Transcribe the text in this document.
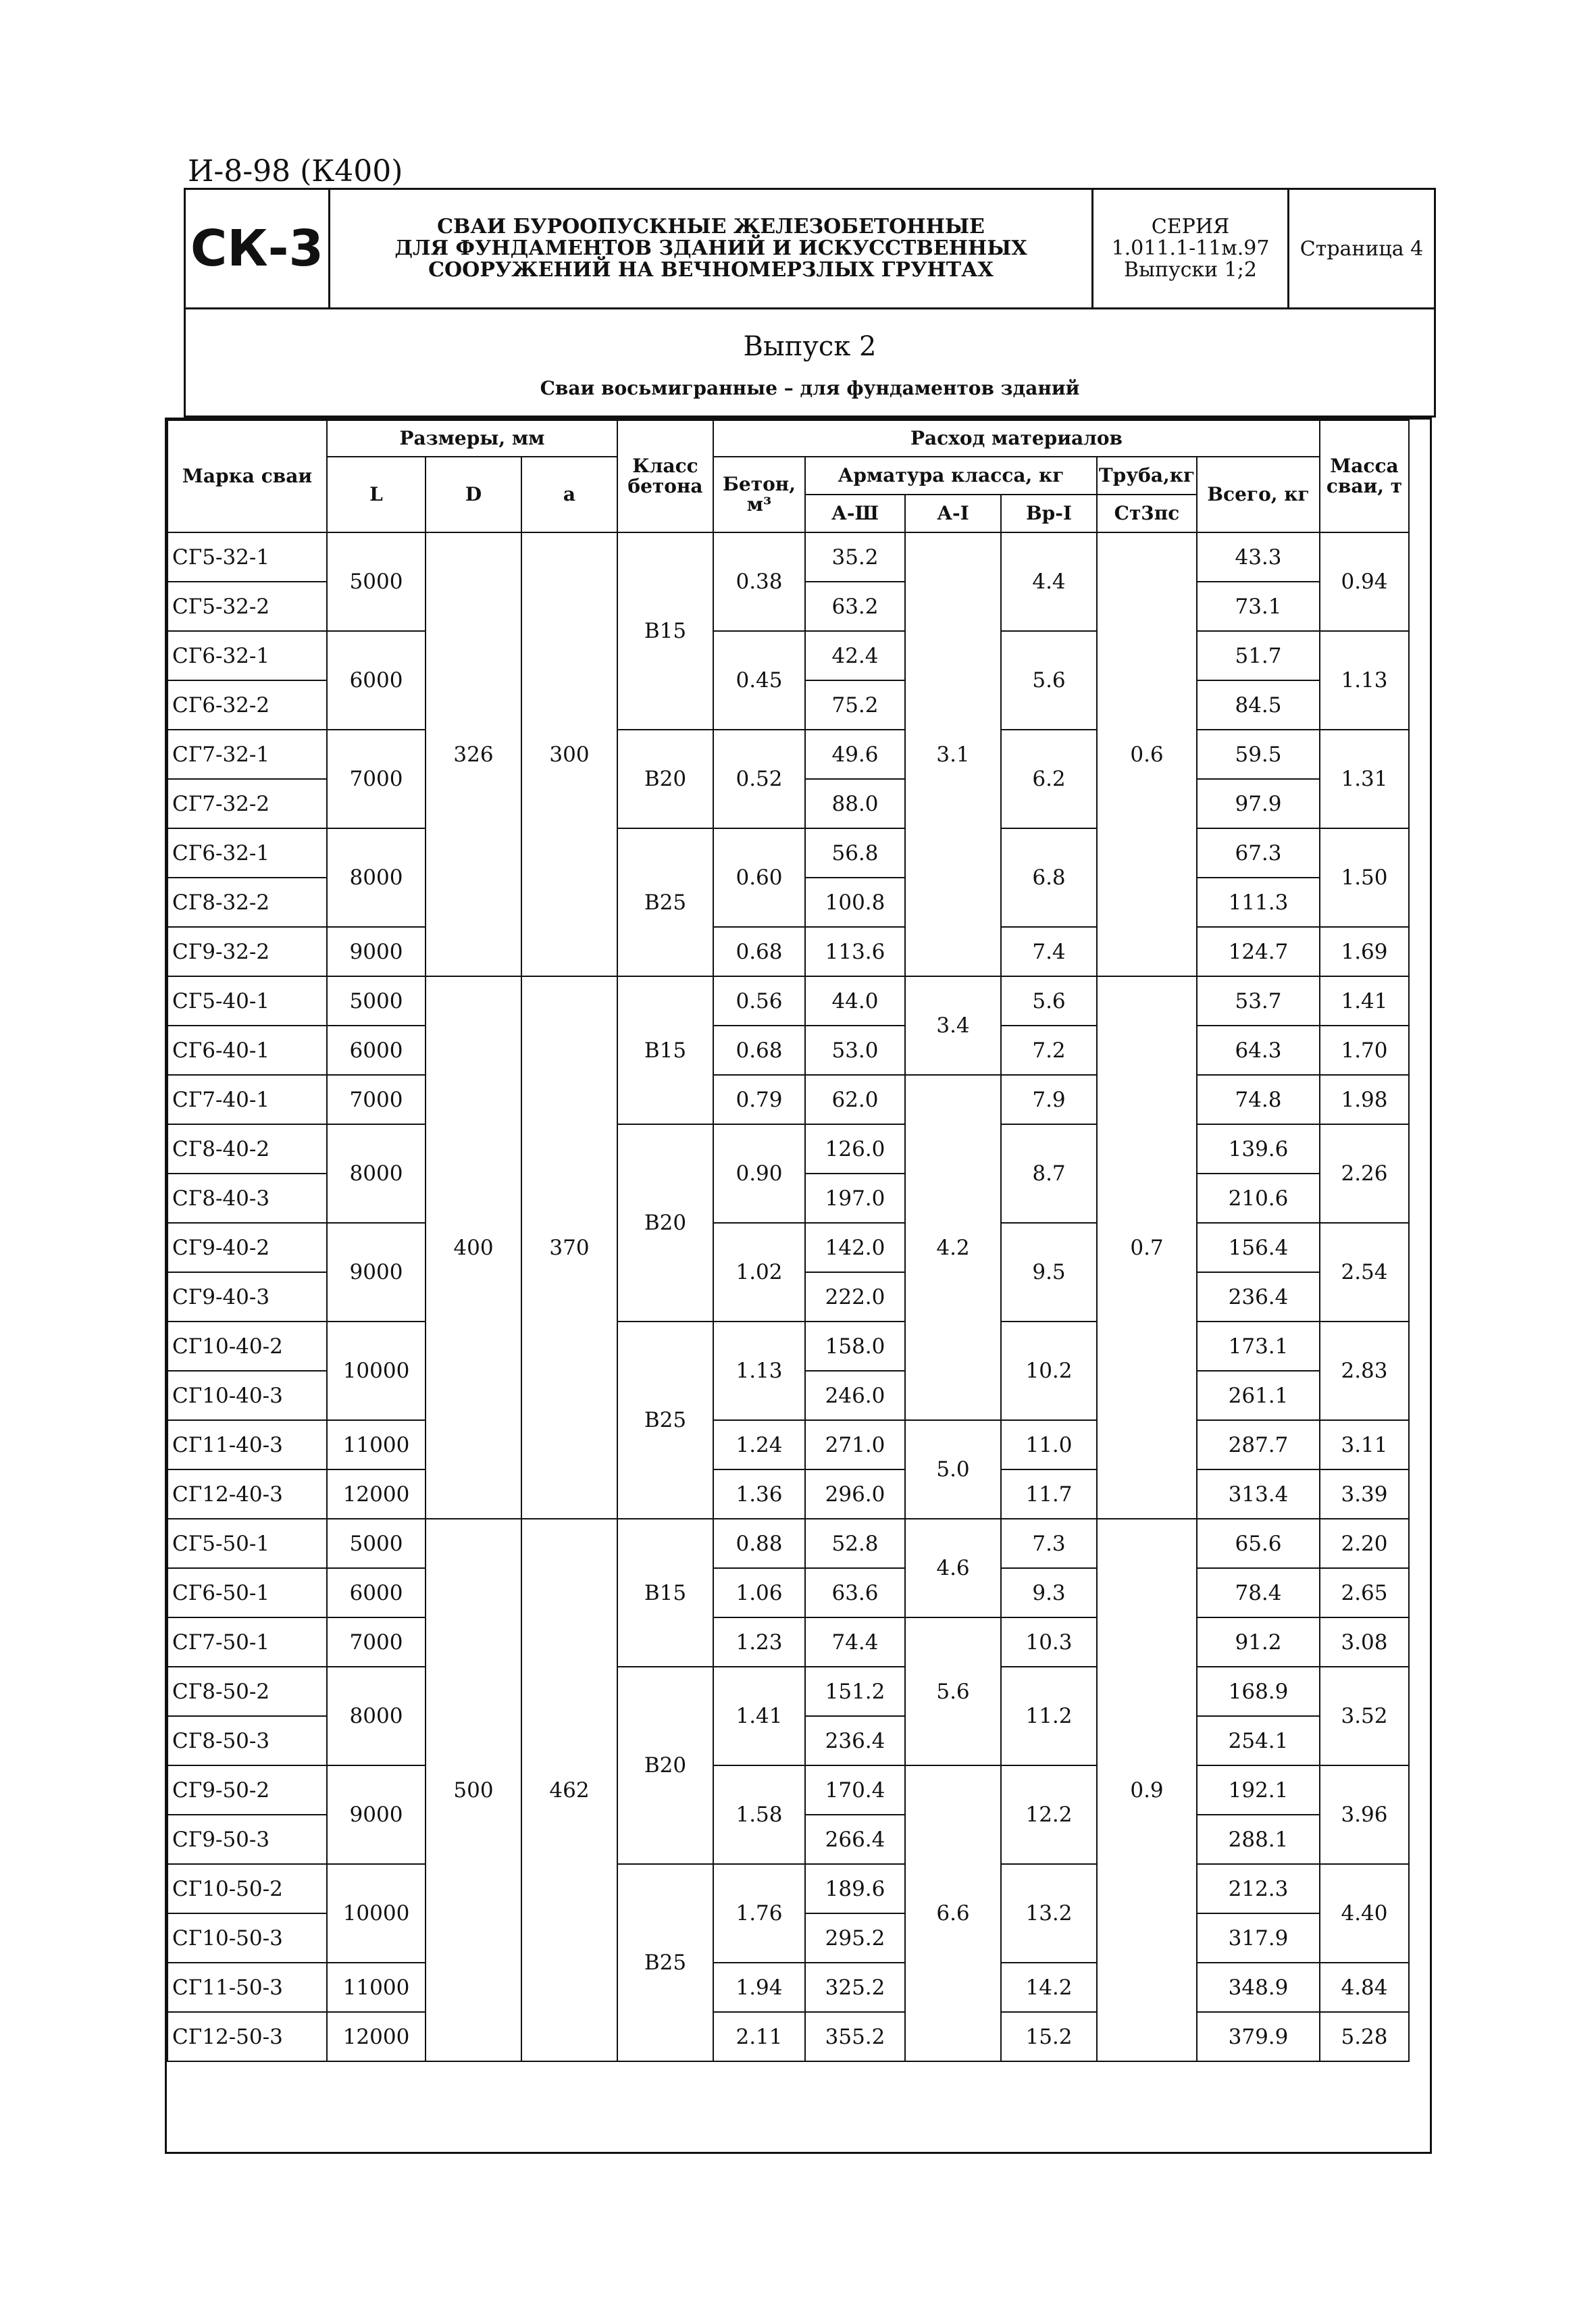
И-8-98 (К400)
СК-3	СВАИ БУРООПУСКНЫЕ ЖЕЛЕЗОБЕТОННЫЕ
ДЛЯ ФУНДАМЕНТОВ ЗДАНИЙ И ИСКУССТВЕННЫХ
СООРУЖЕНИЙ НА ВЕЧНОМЕРЗЛЫХ ГРУНТАХ
СЕРИЯ
1.011.1-11м.97
Выпуски 1;2
Страница 4
Выпуск 2
Сваи восьмигранные – для фундаментов зданий
Марка сваи	Размеры, мм			Класс бетона	Расход материалов						Масса сваи, т
	L	D	a		Бетон, м³	Арматура класса, кг			Труба,кг	Всего, кг	
						А-Ш	А-I	Вр-I	Ст3пс		
СГ5-32-1	5000	326	300	В15	0.38	35.2	3.1	4.4	0.6	43.3	0.94
СГ5-32-2						63.2				73.1	
СГ6-32-1	6000				0.45	42.4		5.6		51.7	1.13
СГ6-32-2						75.2				84.5	
СГ7-32-1	7000			В20	0.52	49.6		6.2		59.5	1.31
СГ7-32-2						88.0				97.9	
СГ6-32-1	8000			В25	0.60	56.8		6.8		67.3	1.50
СГ8-32-2						100.8				111.3	
СГ9-32-2	9000				0.68	113.6		7.4		124.7	1.69
СГ5-40-1	5000	400	370	В15	0.56	44.0	3.4	5.6	0.7	53.7	1.41
СГ6-40-1	6000				0.68	53.0		7.2		64.3	1.70
СГ7-40-1	7000				0.79	62.0	4.2	7.9		74.8	1.98
СГ8-40-2	8000			В20	0.90	126.0		8.7		139.6	2.26
СГ8-40-3						197.0				210.6	
СГ9-40-2	9000				1.02	142.0		9.5		156.4	2.54
СГ9-40-3						222.0				236.4	
СГ10-40-2	10000			В25	1.13	158.0		10.2		173.1	2.83
СГ10-40-3						246.0				261.1	
СГ11-40-3	11000				1.24	271.0	5.0	11.0		287.7	3.11
СГ12-40-3	12000				1.36	296.0		11.7		313.4	3.39
СГ5-50-1	5000	500	462	В15	0.88	52.8	4.6	7.3	0.9	65.6	2.20
СГ6-50-1	6000				1.06	63.6		9.3		78.4	2.65
СГ7-50-1	7000				1.23	74.4	5.6	10.3		91.2	3.08
СГ8-50-2	8000			В20	1.41	151.2		11.2		168.9	3.52
СГ8-50-3						236.4				254.1	
СГ9-50-2	9000				1.58	170.4	6.6	12.2		192.1	3.96
СГ9-50-3						266.4				288.1	
СГ10-50-2	10000			В25	1.76	189.6		13.2		212.3	4.40
СГ10-50-3						295.2				317.9	
СГ11-50-3	11000				1.94	325.2		14.2		348.9	4.84
СГ12-50-3	12000				2.11	355.2		15.2		379.9	5.28
